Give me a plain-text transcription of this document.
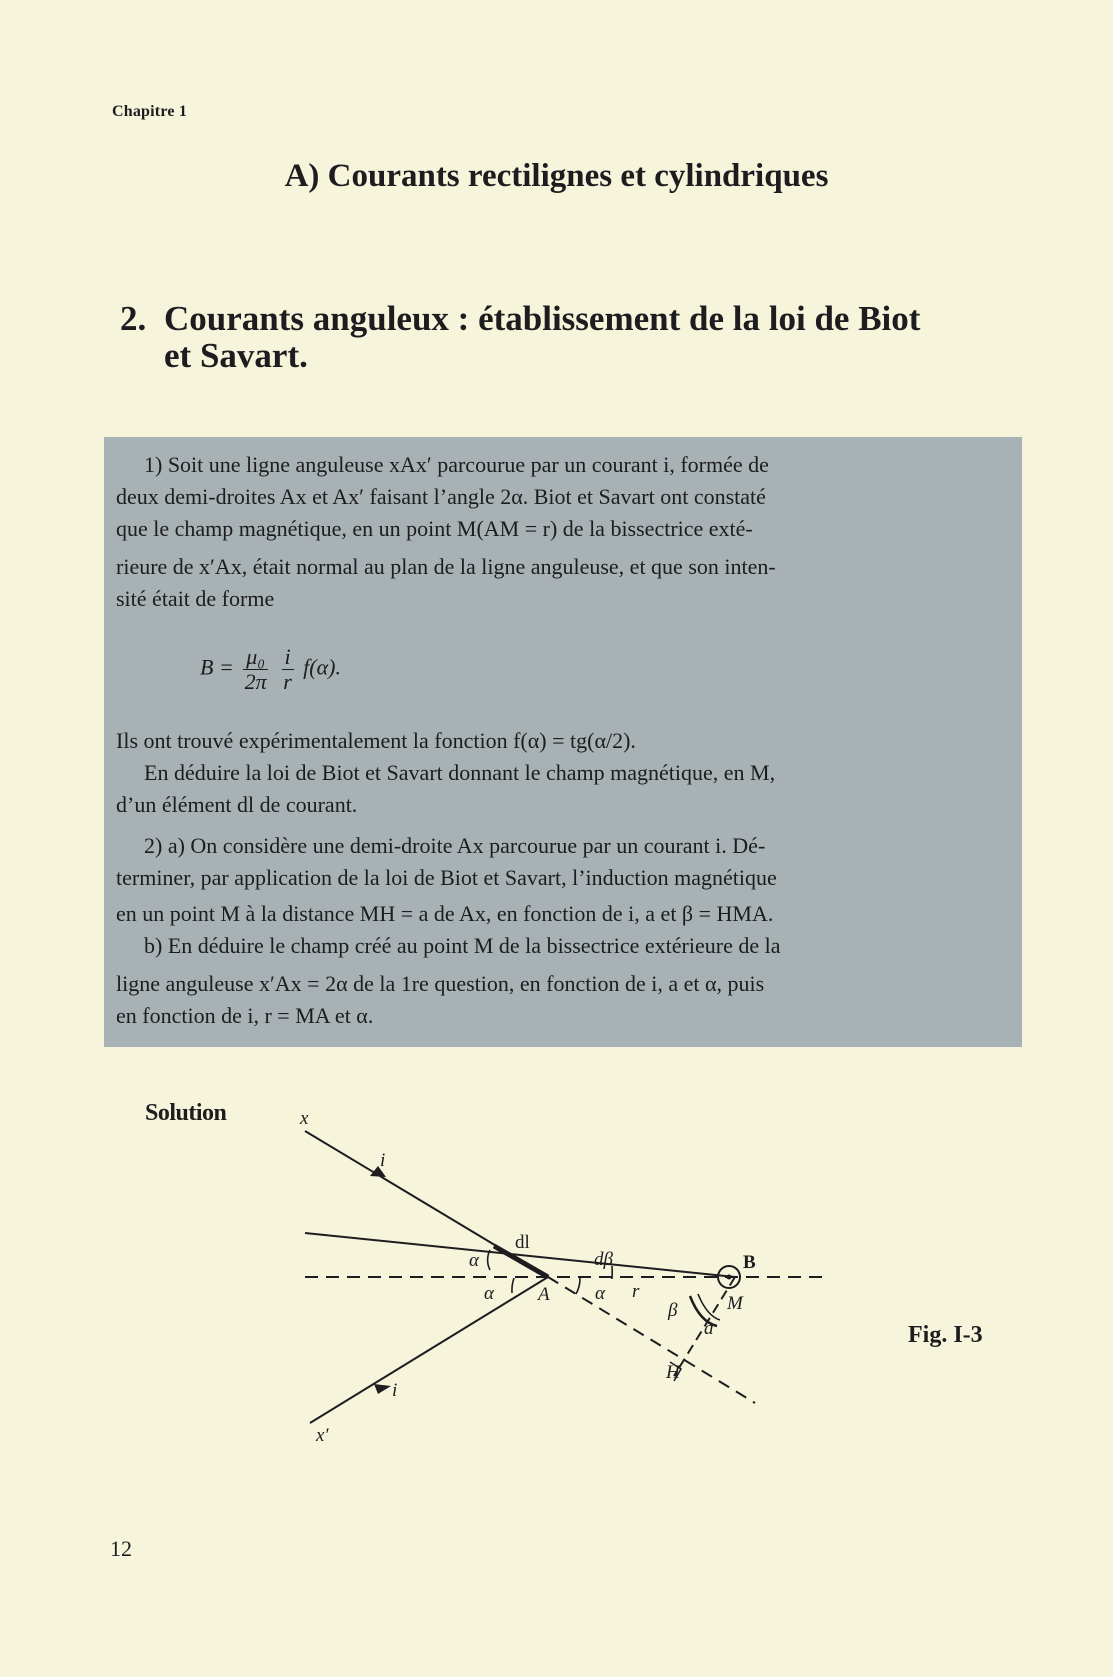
Chapitre 1
A) Courants rectilignes et cylindriques
2. Courants anguleux : établissement de la loi de Biot
et Savart.

1) Soit une ligne anguleuse xAx′ parcourue par un courant i, formée de

deux demi-droites Ax et Ax′ faisant l’angle 2α. Biot et Savart ont constaté

que le champ magnétique, en un point M(AM = r) de la bissectrice exté-

rieure de x′Ax, était normal au plan de la ligne anguleuse, et que son inten-

sité était de forme

$B = \frac{\text{μ₀}}{2\pi}$
$\frac{i}{r} f(\alpha)$.

Ils ont trouvé expérimentalement la fonction f(α) = tg(α/2).

En déduire la loi de Biot et Savart donnant le champ magnétique, en M,

d’un élément dl de courant.

2) a) On considère une demi-droite Ax parcourue par un courant i. Dé-

terminer, par application de la loi de Biot et Savart, l’induction magnétique

en un point M à la distance MH = a de Ax, en fonction de i, a et β = HMA.

b) En déduire le champ créé au point M de la bissectrice extérieure de la

ligne anguleuse x′Ax = 2α de la 1re question, en fonction de i, a et α, puis

en fonction de i, r = MA et α.

Solution	x
i
dl
dβ
α
α	α
A	r
B
M
β
a
H
i
x′
Fig. I-3
12
